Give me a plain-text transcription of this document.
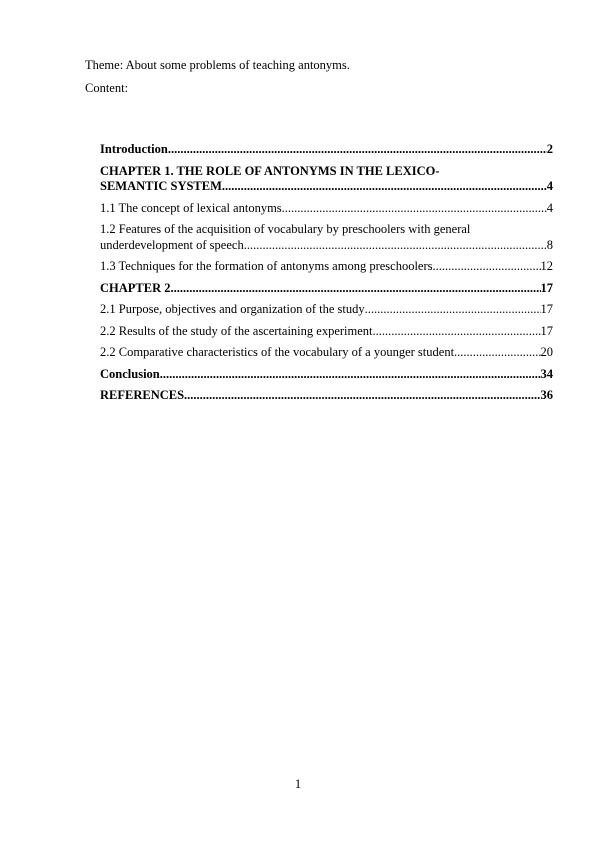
Theme: About some problems of teaching antonyms.
Content:
Introduction .....	2
CHAPTER 1. THE ROLE OF ANTONYMS IN THE LEXICO-
SEMANTIC SYSTEM .....	4
1.1 The concept of lexical antonyms .....	4
1.2 Features of the acquisition of vocabulary by preschoolers with general
underdevelopment of speech .....	8
1.3 Techniques for the formation of antonyms among preschoolers .....	12
CHAPTER 2 .....	17
2.1 Purpose, objectives and organization of the study .....	17
2.2 Results of the study of the ascertaining experiment .....	17
2.2 Comparative characteristics of the vocabulary of a younger student .....	20
Conclusion .....	34
REFERENCES .....	36
1
